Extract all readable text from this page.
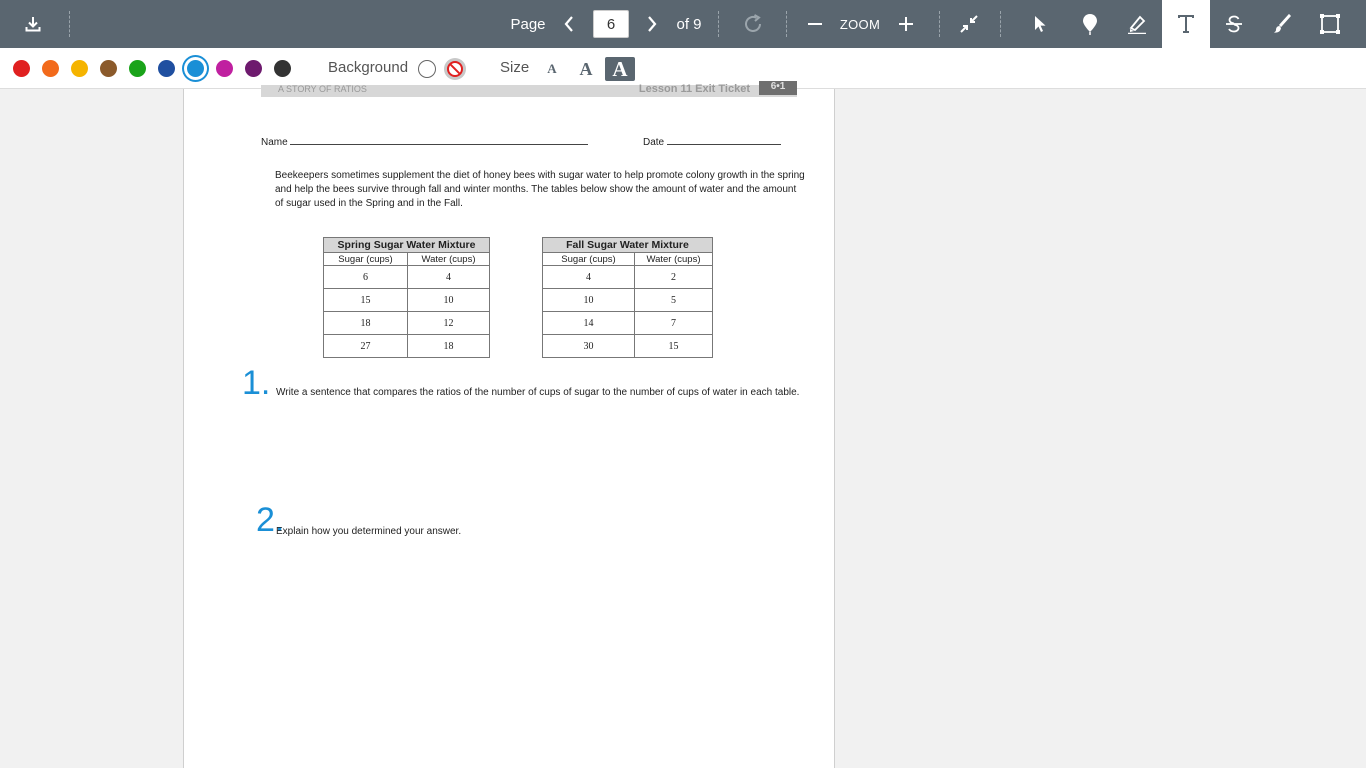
Page
6	of 9	ZOOM
Background	Size A A A
A STORY OF RATIOS	Lesson 11 Exit Ticket	6•1
Name	Date
Beekeepers sometimes supplement the diet of honey bees with sugar water to help promote colony growth in the spring
and help the bees survive through fall and winter months. The tables below show the amount of water and the amount
of sugar used in the Spring and in the Fall.
Spring Sugar Water Mixture	
Sugar (cups)	Water (cups)
6	4
15	10
18	12
27	18
Fall Sugar Water Mixture	
Sugar (cups)	Water (cups)
4	2
10	5
14	7
30	15
1. Write a sentence that compares the ratios of the number of cups of sugar to the number of cups of water in each table.
2.
Explain how you determined your answer.
